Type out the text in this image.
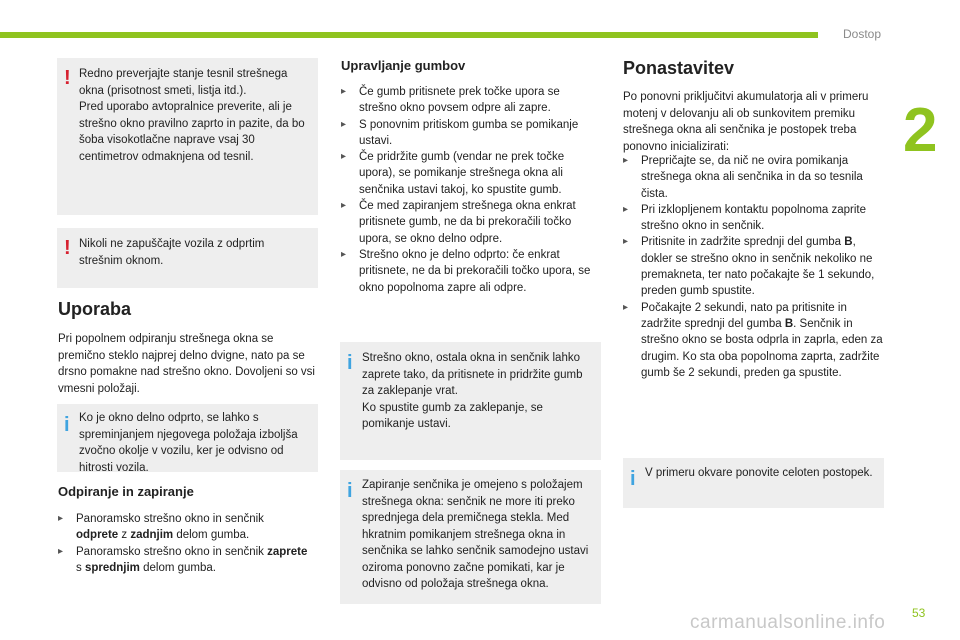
Dostop
2
53
carmanualsonline.info
! Redno preverjajte stanje tesnil strešnega okna (prisotnost smeti, listja itd.).
Pred uporabo avtopralnice preverite, ali je strešno okno pravilno zaprto in pazite, da bo šoba visokotlačne naprave vsaj 30 centimetrov odmaknjena od tesnil.
! Nikoli ne zapuščajte vozila z odprtim strešnim oknom.
Uporaba
Pri popolnem odpiranju strešnega okna se premično steklo najprej delno dvigne, nato pa se drsno pomakne nad strešno okno. Dovoljeni so vsi vmesni položaji.
i Ko je okno delno odprto, se lahko s spreminjanjem njegovega položaja izboljša zvočno okolje v vozilu, ker je odvisno od hitrosti vozila.
Odpiranje in zapiranje
▸ Panoramsko strešno okno in senčnik odprete z zadnjim delom gumba.
▸ Panoramsko strešno okno in senčnik zaprete s sprednjim delom gumba.
Upravljanje gumbov
▸ Če gumb pritisnete prek točke upora se strešno okno povsem odpre ali zapre.
▸ S ponovnim pritiskom gumba se pomikanje ustavi.
▸ Če pridržite gumb (vendar ne prek točke upora), se pomikanje strešnega okna ali senčnika ustavi takoj, ko spustite gumb.
▸ Če med zapiranjem strešnega okna enkrat pritisnete gumb, ne da bi prekoračili točko upora, se okno delno odpre.
▸ Strešno okno je delno odprto: če enkrat pritisnete, ne da bi prekoračili točko upora, se okno popolnoma zapre ali odpre.
i Strešno okno, ostala okna in senčnik lahko zaprete tako, da pritisnete in pridržite gumb za zaklepanje vrat.
Ko spustite gumb za zaklepanje, se pomikanje ustavi.
i Zapiranje senčnika je omejeno s položajem strešnega okna: senčnik ne more iti preko sprednjega dela premičnega stekla. Med hkratnim pomikanjem strešnega okna in senčnika se lahko senčnik samodejno ustavi oziroma ponovno začne pomikati, kar je odvisno od položaja strešnega okna.
Ponastavitev
Po ponovni priključitvi akumulatorja ali v primeru motenj v delovanju ali ob sunkovitem premiku strešnega okna ali senčnika je postopek treba ponovno inicializirati:
▸ Prepričajte se, da nič ne ovira pomikanja strešnega okna ali senčnika in da so tesnila čista.
▸ Pri izklopljenem kontaktu popolnoma zaprite strešno okno in senčnik.
▸ Pritisnite in zadržite sprednji del gumba B, dokler se strešno okno in senčnik nekoliko ne premakneta, ter nato počakajte še 1 sekundo, preden gumb spustite.
▸ Počakajte 2 sekundi, nato pa pritisnite in zadržite sprednji del gumba B. Senčnik in strešno okno se bosta odprla in zaprla, eden za drugim. Ko sta oba popolnoma zaprta, zadržite gumb še 2 sekundi, preden ga spustite.
i V primeru okvare ponovite celoten postopek.
